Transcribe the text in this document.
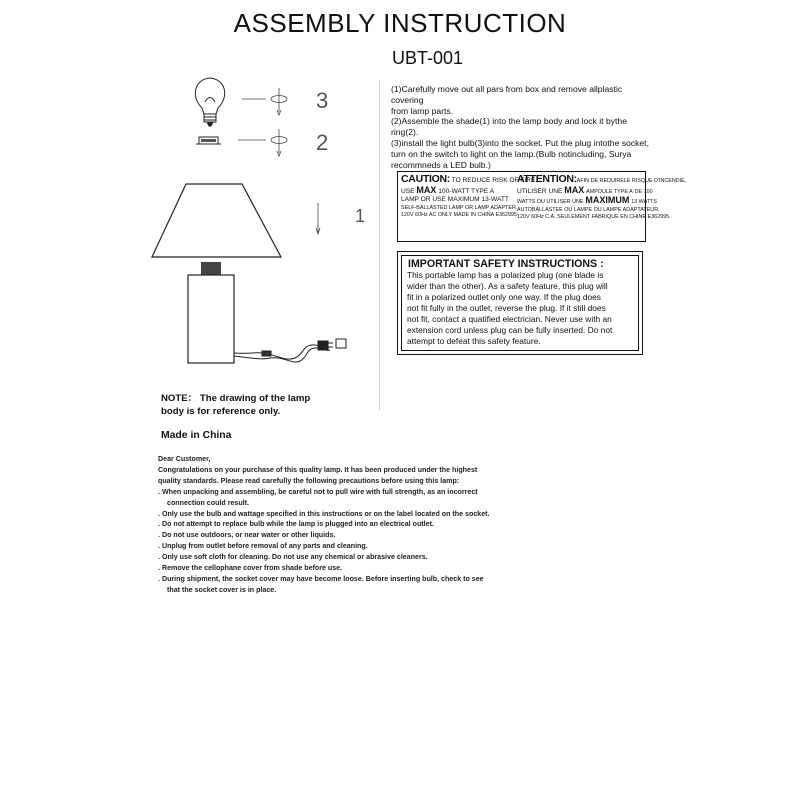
ASSEMBLY INSTRUCTION
UBT-001
3
2
1
(1)Carefully move out all pars from box and remove allplastic covering
from lamp parts.
(2)Assemble the shade(1) into the lamp body and lock it bythe ring(2).
(3)install the light bulb(3)into the socket. Put the plug intothe socket,
turn on the switch to light on the lamp.(Bulb notincluding, Surya
recommneds a LED bulb.)
CAUTION: TO REDUCE RISK OF FIRE,
USE MAX 100-WATT TYPE A
LAMP OR USE MAXIMUM 13-WATT
SELF-BALLASTED LAMP OR LAMP ADAPTER.
120V 60Hz AC ONLY MADE IN CHINA E362995
ATTENTION:AFIN DE REDUIRELE RISQUE D'INCENDIE,
UTILISER UNE MAX AMPOULE TYPE A DE 100
WATTS OU UTILISER UNE MAXIMUM 13 WATTS
AUTOBALLASTEE OU LAMPE OU LAMPE ADAPTATEUR.
120V 60Hz C.A. SEULEMENT FABRIQUE EN CHINE E362995
IMPORTANT SAFETY INSTRUCTIONS :
This portable lamp has a polarized plug (one blade is
wider than the other). As a safety feature, this plug will
fit in a polarized outlet only one way. If the plug does
not fit fully in the outlet, reverse the plug. If it still does
not fit, contact a quatified electrician. Never use with an
extension cord unless plug can be fully inserted. Do not
attempt to defeat this safety feature.
NOTE： The drawing of the lamp
body is for reference only.
Made in China
Dear Customer,
Congratulations on your purchase of this quality lamp. It has been produced under the highest
quality standards. Please read carefully the following precautions before using this lamp:
. When unpacking and assembling, be careful not to pull wire with full strength, as an incorrect
connection could result.
. Only use the bulb and wattage specified in this instructions or on the label located on the socket.
. Do not attempt to replace bulb while the lamp is plugged into an electrical outlet.
. Do not use outdoors, or near water or other liquids.
. Unplug from outlet before removal of any parts and cleaning.
. Only use soft cloth for cleaning. Do not use any chemical or abrasive cleaners.
. Remove the cellophane cover from shade before use.
. During shipment, the socket cover may have become loose. Before inserting bulb, check to see
that the socket cover is in place.
